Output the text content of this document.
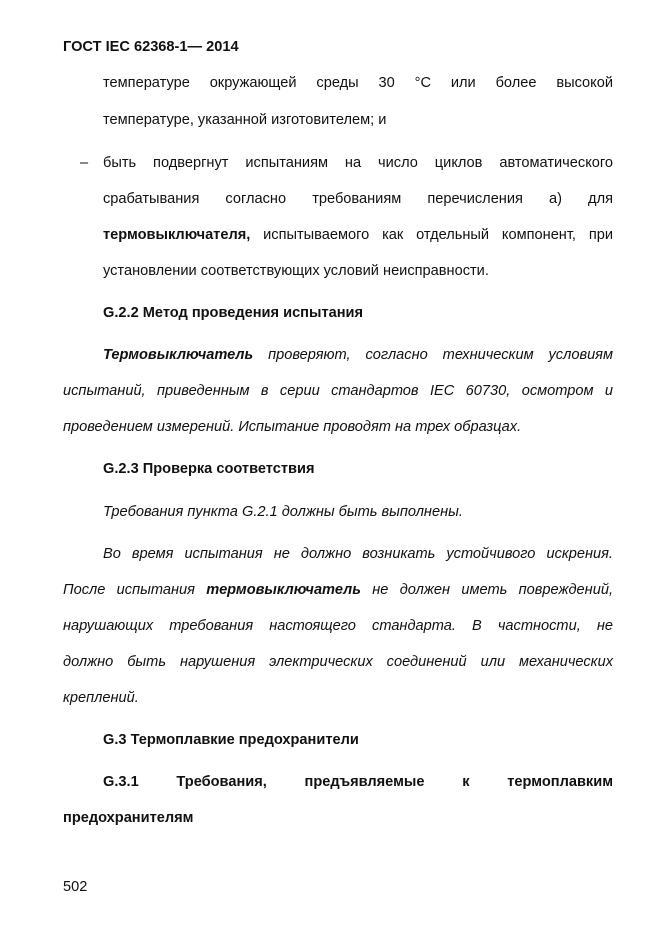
ГОСТ IEC 62368-1— 2014

температуре окружающей среды 30 °C или более высокой

температуре, указанной изготовителем; и

– быть подвергнут испытаниям на число циклов автоматического

срабатывания согласно требованиям перечисления а) для

термовыключателя, испытываемого как отдельный компонент, при

установлении соответствующих условий неисправности.

G.2.2 Метод проведения испытания

Термовыключатель проверяют, согласно техническим условиям

испытаний, приведенным в серии стандартов IEC 60730, осмотром и

проведением измерений. Испытание проводят на трех образцах.

G.2.3 Проверка соответствия

Требования пункта G.2.1 должны быть выполнены.

Во время испытания не должно возникать устойчивого искрения.

После испытания термовыключатель не должен иметь повреждений,

нарушающих требования настоящего стандарта. В частности, не

должно быть нарушения электрических соединений или механических

креплений.

G.3 Термоплавкие предохранители

G.3.1 Требования, предъявляемые к термоплавким

предохранителям

502
